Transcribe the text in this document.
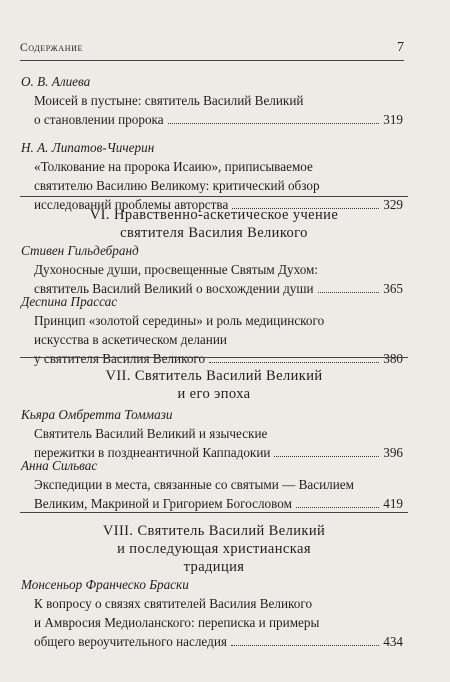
Содержание	7
О. В. Алиева
Моисей в пустыне: святитель Василий Великий
о становлении пророка	319
Н. А. Липатов-Чичерин
«Толкование на пророка Исаию», приписываемое
святителю Василию Великому: критический обзор
исследований проблемы авторства	329
VI. Нравственно-аскетическое учение
святителя Василия Великого
Стивен Гильдебранд
Духоносные души, просвещенные Святым Духом:
святитель Василий Великий о восхождении души	365
Деспина Прассас
Принцип «золотой середины» и роль медицинского
искусства в аскетическом делании
у святителя Василия Великого	380
VII. Святитель Василий Великий
и его эпоха
Кьяра Омбретта Томмази
Святитель Василий Великий и языческие
пережитки в позднеантичной Каппадокии	396
Анна Сильвас
Экспедиции в места, связанные со святыми — Василием
Великим, Макриной и Григорием Богословом	419
VIII. Святитель Василий Великий
и последующая христианская
традиция
Монсеньор Франческо Браски
К вопросу о связях святителей Василия Великого
и Амвросия Медиоланского: переписка и примеры
общего вероучительного наследия	434
